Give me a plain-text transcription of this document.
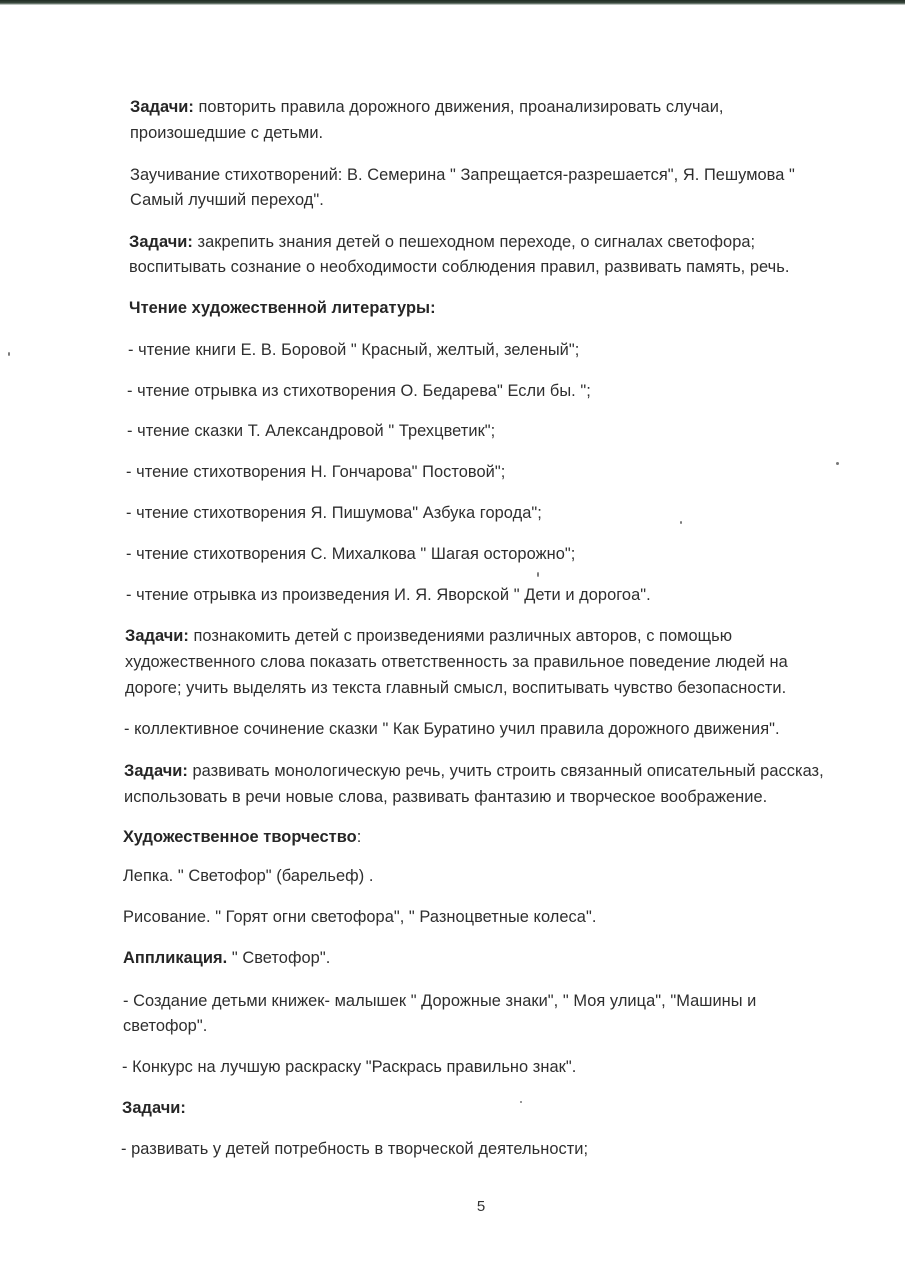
Задачи: повторить правила дорожного движения, проанализировать случаи,
произошедшие с детьми.
Заучивание стихотворений: В. Семерина " Запрещается-разрешается", Я. Пешумова "
Самый лучший переход".
Задачи: закрепить знания детей о пешеходном переходе, о сигналах светофора;
воспитывать сознание о необходимости соблюдения правил, развивать память, речь.
Чтение художественной литературы:
- чтение книги Е. В. Боровой " Красный, желтый, зеленый";
- чтение отрывка из стихотворения О. Бедарева" Если бы. ";
- чтение сказки Т. Александровой " Трехцветик";
- чтение стихотворения Н. Гончарова" Постовой";
- чтение стихотворения Я. Пишумова" Азбука города";
- чтение стихотворения С. Михалкова " Шагая осторожно";
- чтение отрывка из произведения И. Я. Яворской " Дети и дорогоа".
Задачи: познакомить детей с произведениями различных авторов, с помощью
художественного слова показать ответственность за правильное поведение людей на
дороге; учить выделять из текста главный смысл, воспитывать чувство безопасности.
- коллективное сочинение сказки " Как Буратино учил правила дорожного движения".
Задачи: развивать монологическую речь, учить строить связанный описательный рассказ,
использовать в речи новые слова, развивать фантазию и творческое воображение.
Художественное творчество:
Лепка. " Светофор" (барельеф) .
Рисование. " Горят огни светофора", " Разноцветные колеса".
Аппликация. " Светофор".
- Создание детьми книжек- малышек " Дорожные знаки", " Моя улица", "Машины и
светофор".
- Конкурс на лучшую раскраску "Раскрась правильно знак".
Задачи:
- развивать у детей потребность в творческой деятельности;
5
